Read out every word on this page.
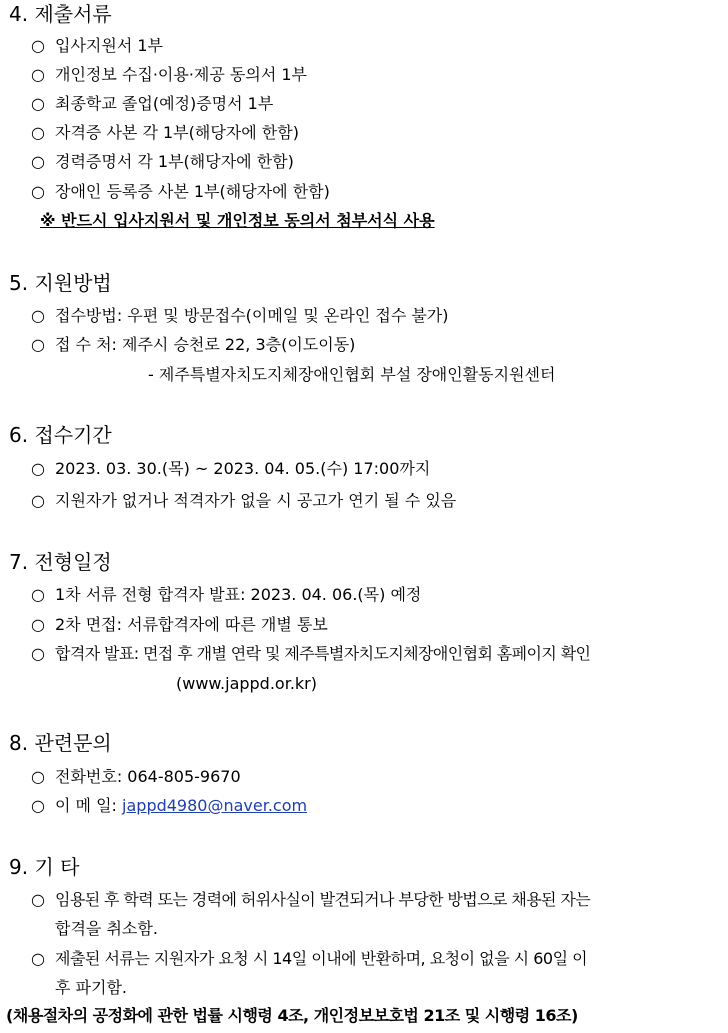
4. 제출서류
○ 입사지원서 1부
○ 개인정보 수집·이용·제공 동의서 1부
○ 최종학교 졸업(예정)증명서 1부
○ 자격증 사본 각 1부(해당자에 한함)
○ 경력증명서 각 1부(해당자에 한함)
○ 장애인 등록증 사본 1부(해당자에 한함)
※ 반드시 입사지원서 및 개인정보 동의서 첨부서식 사용
5. 지원방법
○ 접수방법: 우편 및 방문접수(이메일 및 온라인 접수 불가)
○ 접 수 처: 제주시 승천로 22, 3층(이도이동)
- 제주특별자치도지체장애인협회 부설 장애인활동지원센터
6. 접수기간
○ 2023. 03. 30.(목) ~ 2023. 04. 05.(수) 17:00까지
○ 지원자가 없거나 적격자가 없을 시 공고가 연기 될 수 있음
7. 전형일정
○ 1차 서류 전형 합격자 발표: 2023. 04. 06.(목) 예정
○ 2차 면접: 서류합격자에 따른 개별 통보
○ 합격자 발표: 면접 후 개별 연락 및 제주특별자치도지체장애인협회 홈페이지 확인
(www.jappd.or.kr)
8. 관련문의
○ 전화번호: 064-805-9670
○ 이 메 일: jappd4980@naver.com
9. 기 타
○ 임용된 후 학력 또는 경력에 허위사실이 발견되거나 부당한 방법으로 채용된 자는
합격을 취소함.
○ 제출된 서류는 지원자가 요청 시 14일 이내에 반환하며, 요청이 없을 시 60일 이
후 파기함.
(채용절차의 공정화에 관한 법률 시행령 4조, 개인정보보호법 21조 및 시행령 16조)
